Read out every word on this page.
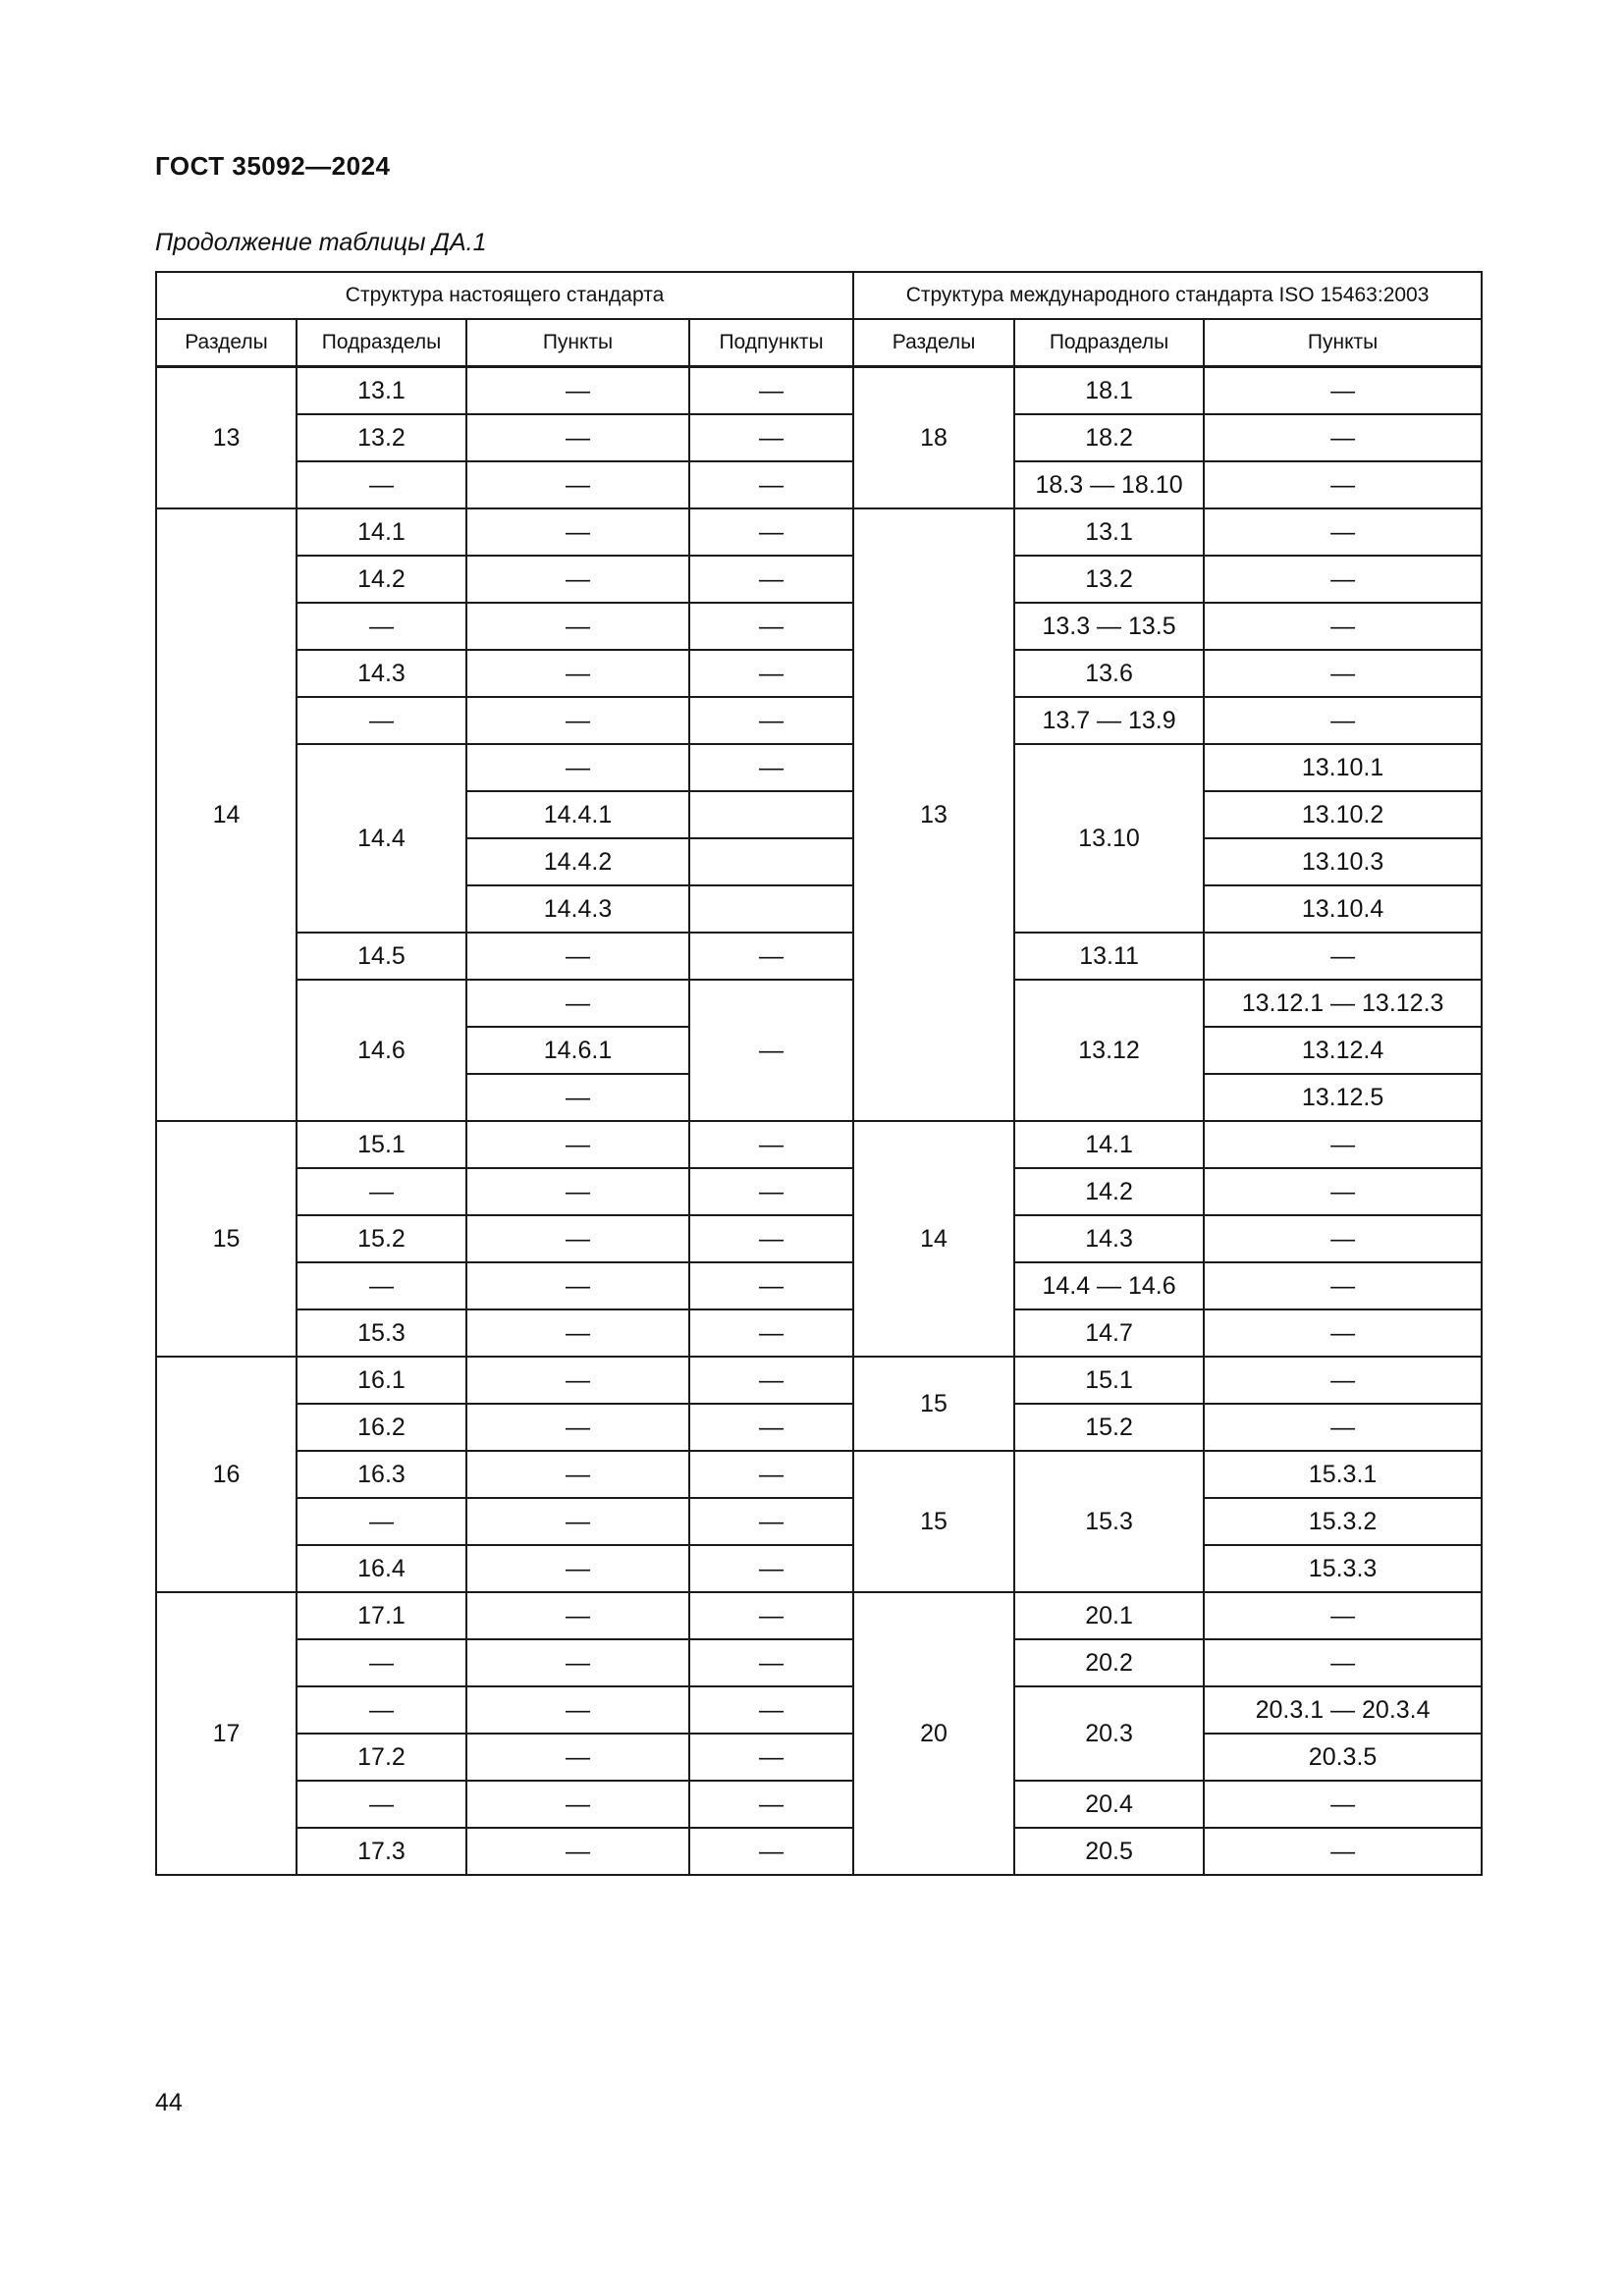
ГОСТ 35092—2024
Продолжение таблицы ДА.1
Структура настоящего стандарта				Структура международного стандарта ISO 15463:2003		
Разделы	Подразделы	Пункты	Подпункты	Разделы	Подразделы	Пункты
13	13.1	—	—	18	18.1	—
	13.2	—	—		18.2	—
	—	—	—		18.3 — 18.10	—
14	14.1	—	—	13	13.1	—
	14.2	—	—		13.2	—
	—	—	—		13.3 — 13.5	—
	14.3	—	—		13.6	—
	—	—	—		13.7 — 13.9	—
	14.4	—	—		13.10	13.10.1
		14.4.1				13.10.2
		14.4.2				13.10.3
		14.4.3				13.10.4
	14.5	—	—		13.11	—
	14.6	—	—		13.12	13.12.1 — 13.12.3
		14.6.1				13.12.4
		—				13.12.5
15	15.1	—	—	14	14.1	—
	—	—	—		14.2	—
	15.2	—	—		14.3	—
	—	—	—		14.4 — 14.6	—
	15.3	—	—		14.7	—
16	16.1	—	—	15	15.1	—
	16.2	—	—		15.2	—
	16.3	—	—	15	15.3	15.3.1
	—	—	—			15.3.2
	16.4	—	—			15.3.3
17	17.1	—	—	20	20.1	—
	—	—	—		20.2	—
	—	—	—		20.3	20.3.1 — 20.3.4
	17.2	—	—			20.3.5
	—	—	—		20.4	—
	17.3	—	—		20.5	—
44
